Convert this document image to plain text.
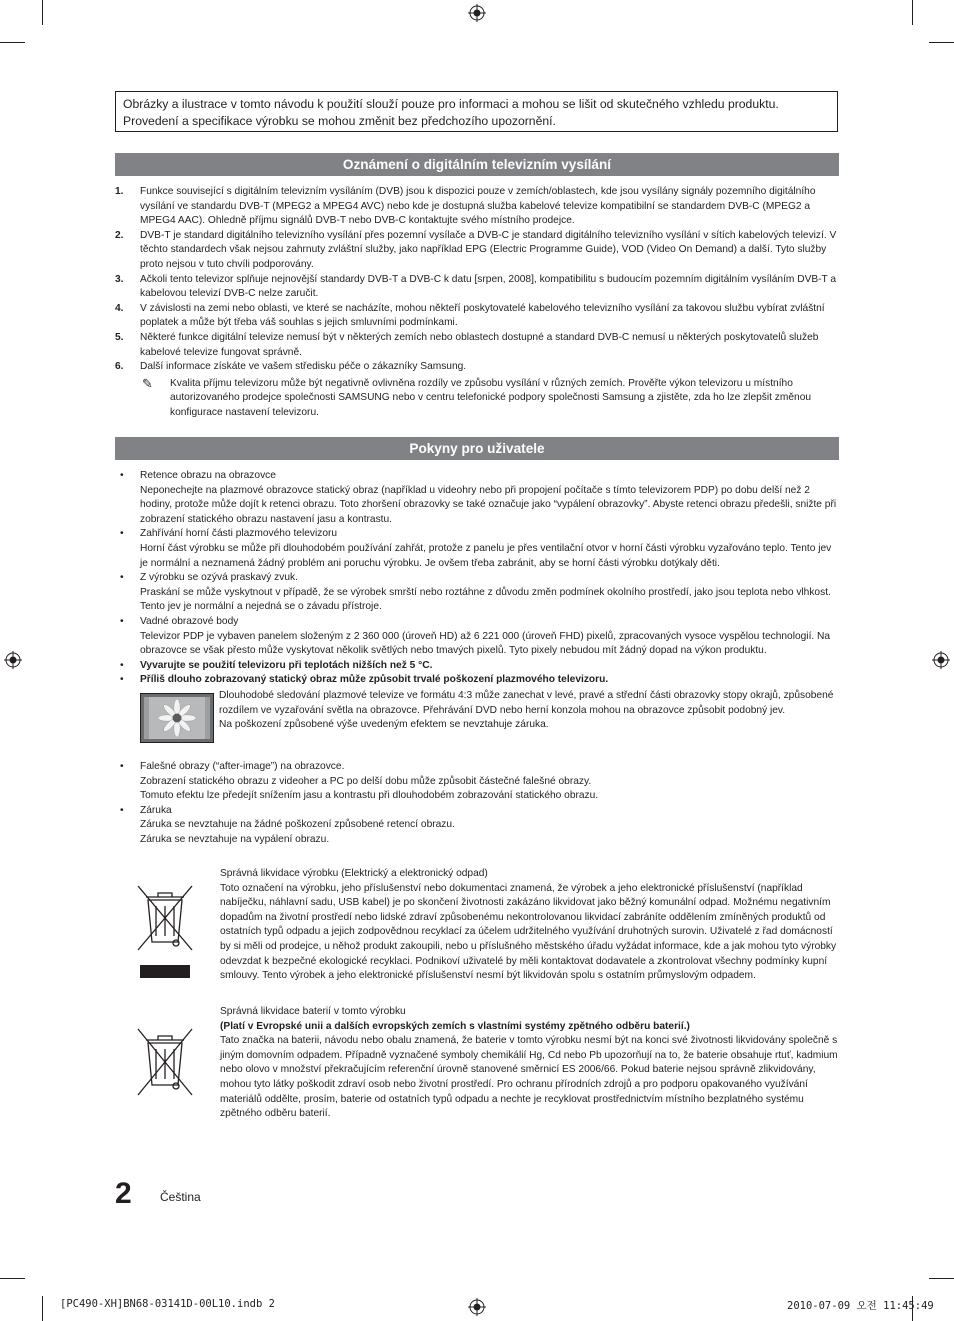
Obrázky a ilustrace v tomto návodu k použití slouží pouze pro informaci a mohou se lišit od skutečného vzhledu produktu.
Provedení a specifikace výrobku se mohou změnit bez předchozího upozornění.
Oznámení o digitálním televizním vysílání
1. Funkce související s digitálním televizním vysíláním (DVB) jsou k dispozici pouze v zemích/oblastech, kde jsou vysílány signály pozemního digitálního vysílání ve standardu DVB-T (MPEG2 a MPEG4 AVC) nebo kde je dostupná služba kabelové televize kompatibilní se standardem DVB-C (MPEG2 a MPEG4 AAC). Ohledně příjmu signálů DVB-T nebo DVB-C kontaktujte svého místního prodejce.
2. DVB-T je standard digitálního televizního vysílání přes pozemní vysílače a DVB-C je standard digitálního televizního vysílání v sítích kabelových televizí. V těchto standardech však nejsou zahrnuty zvláštní služby, jako například EPG (Electric Programme Guide), VOD (Video On Demand) a další. Tyto služby proto nejsou v tuto chvíli podporovány.
3. Ačkoli tento televizor splňuje nejnovější standardy DVB-T a DVB-C k datu [srpen, 2008], kompatibilitu s budoucím pozemním digitálním vysíláním DVB-T a kabelovou televizí DVB-C nelze zaručit.
4. V závislosti na zemi nebo oblasti, ve které se nacházíte, mohou někteří poskytovatelé kabelového televizního vysílání za takovou službu vybírat zvláštní poplatek a může být třeba váš souhlas s jejich smluvními podmínkami.
5. Některé funkce digitální televize nemusí být v některých zemích nebo oblastech dostupné a standard DVB-C nemusí u některých poskytovatelů služeb kabelové televize fungovat správně.
6. Další informace získáte ve vašem středisku péče o zákazníky Samsung.
✎ Kvalita příjmu televizoru může být negativně ovlivněna rozdíly ve způsobu vysílání v různých zemích. Prověřte výkon televizoru u místního autorizovaného prodejce společnosti SAMSUNG nebo v centru telefonické podpory společnosti Samsung a zjistěte, zda ho lze zlepšit změnou konfigurace nastavení televizoru.
Pokyny pro uživatele
• Retence obrazu na obrazovce
Neponechejte na plazmové obrazovce statický obraz (například u videohry nebo při propojení počítače s tímto televizorem PDP) po dobu delší než 2 hodiny, protože může dojít k retenci obrazu. Toto zhoršení obrazovky se také označuje jako “vypálení obrazovky”. Abyste retenci obrazu předešli, snižte při zobrazení statického obrazu nastavení jasu a kontrastu.
• Zahřívání horní části plazmového televizoru
Horní část výrobku se může při dlouhodobém používání zahřát, protože z panelu je přes ventilační otvor v horní části výrobku vyzařováno teplo. Tento jev je normální a neznamená žádný problém ani poruchu výrobku. Je ovšem třeba zabránit, aby se horní části výrobku dotýkaly děti.
• Z výrobku se ozývá praskavý zvuk.
Praskání se může vyskytnout v případě, že se výrobek smrští nebo roztáhne z důvodu změn podmínek okolního prostředí, jako jsou teplota nebo vlhkost. Tento jev je normální a nejedná se o závadu přístroje.
• Vadné obrazové body
Televizor PDP je vybaven panelem složeným z 2 360 000 (úroveň HD) až 6 221 000 (úroveň FHD) pixelů, zpracovaných vysoce vyspělou technologií. Na obrazovce se však přesto může vyskytovat několik světlých nebo tmavých pixelů. Tyto pixely nebudou mít žádný dopad na výkon produktu.
• Vyvarujte se použití televizoru při teplotách nižších než 5 °C.
• Příliš dlouho zobrazovaný statický obraz může způsobit trvalé poškození plazmového televizoru.
Dlouhodobé sledování plazmové televize ve formátu 4:3 může zanechat v levé, pravé a střední části obrazovky stopy okrajů, způsobené rozdílem ve vyzařování světla na obrazovce. Přehrávání DVD nebo herní konzola mohou na obrazovce způsobit podobný jev.
Na poškození způsobené výše uvedeným efektem se nevztahuje záruka.
• Falešné obrazy (“after-image”) na obrazovce.
Zobrazení statického obrazu z videoher a PC po delší dobu může způsobit částečné falešné obrazy.
Tomuto efektu lze předejít snížením jasu a kontrastu při dlouhodobém zobrazování statického obrazu.
• Záruka
Záruka se nevztahuje na žádné poškození způsobené retencí obrazu.
Záruka se nevztahuje na vypálení obrazu.
Správná likvidace výrobku (Elektrický a elektronický odpad)
Toto označení na výrobku, jeho příslušenství nebo dokumentaci znamená, že výrobek a jeho elektronické příslušenství (například nabíječku, náhlavní sadu, USB kabel) je po skončení životnosti zakázáno likvidovat jako běžný komunální odpad. Možnému negativním dopadům na životní prostředí nebo lidské zdraví způsobenému nekontrolovanou likvidací zabráníte oddělením zmíněných produktů od ostatních typů odpadu a jejich zodpovědnou recyklací za účelem udržitelného využívání druhotných surovin. Uživatelé z řad domácností by si měli od prodejce, u něhož produkt zakoupili, nebo u příslušného městského úřadu vyžádat informace, kde a jak mohou tyto výrobky odevzdat k bezpečné ekologické recyklaci. Podnikoví uživatelé by měli kontaktovat dodavatele a zkontrolovat všechny podmínky kupní smlouvy. Tento výrobek a jeho elektronické příslušenství nesmí být likvidován spolu s ostatním průmyslovým odpadem.
Správná likvidace baterií v tomto výrobku
(Platí v Evropské unii a dalších evropských zemích s vlastními systémy zpětného odběru baterií.)
Tato značka na baterii, návodu nebo obalu znamená, že baterie v tomto výrobku nesmí být na konci své životnosti likvidovány společně s jiným domovním odpadem. Případně vyznačené symboly chemikálií Hg, Cd nebo Pb upozorňují na to, že baterie obsahuje rtuť, kadmium nebo olovo v množství překračujícím referenční úrovně stanovené směrnicí ES 2006/66. Pokud baterie nejsou správně zlikvidovány, mohou tyto látky poškodit zdraví osob nebo životní prostředí. Pro ochranu přírodních zdrojů a pro podporu opakovaného využívání materiálů oddělte, prosím, baterie od ostatních typů odpadu a nechte je recyklovat prostřednictvím místního bezplatného systému zpětného odběru baterií.
2 Čeština
[PC490-XH]BN68-03141D-00L10.indb 2	2010-07-09 오전 11:45:49
